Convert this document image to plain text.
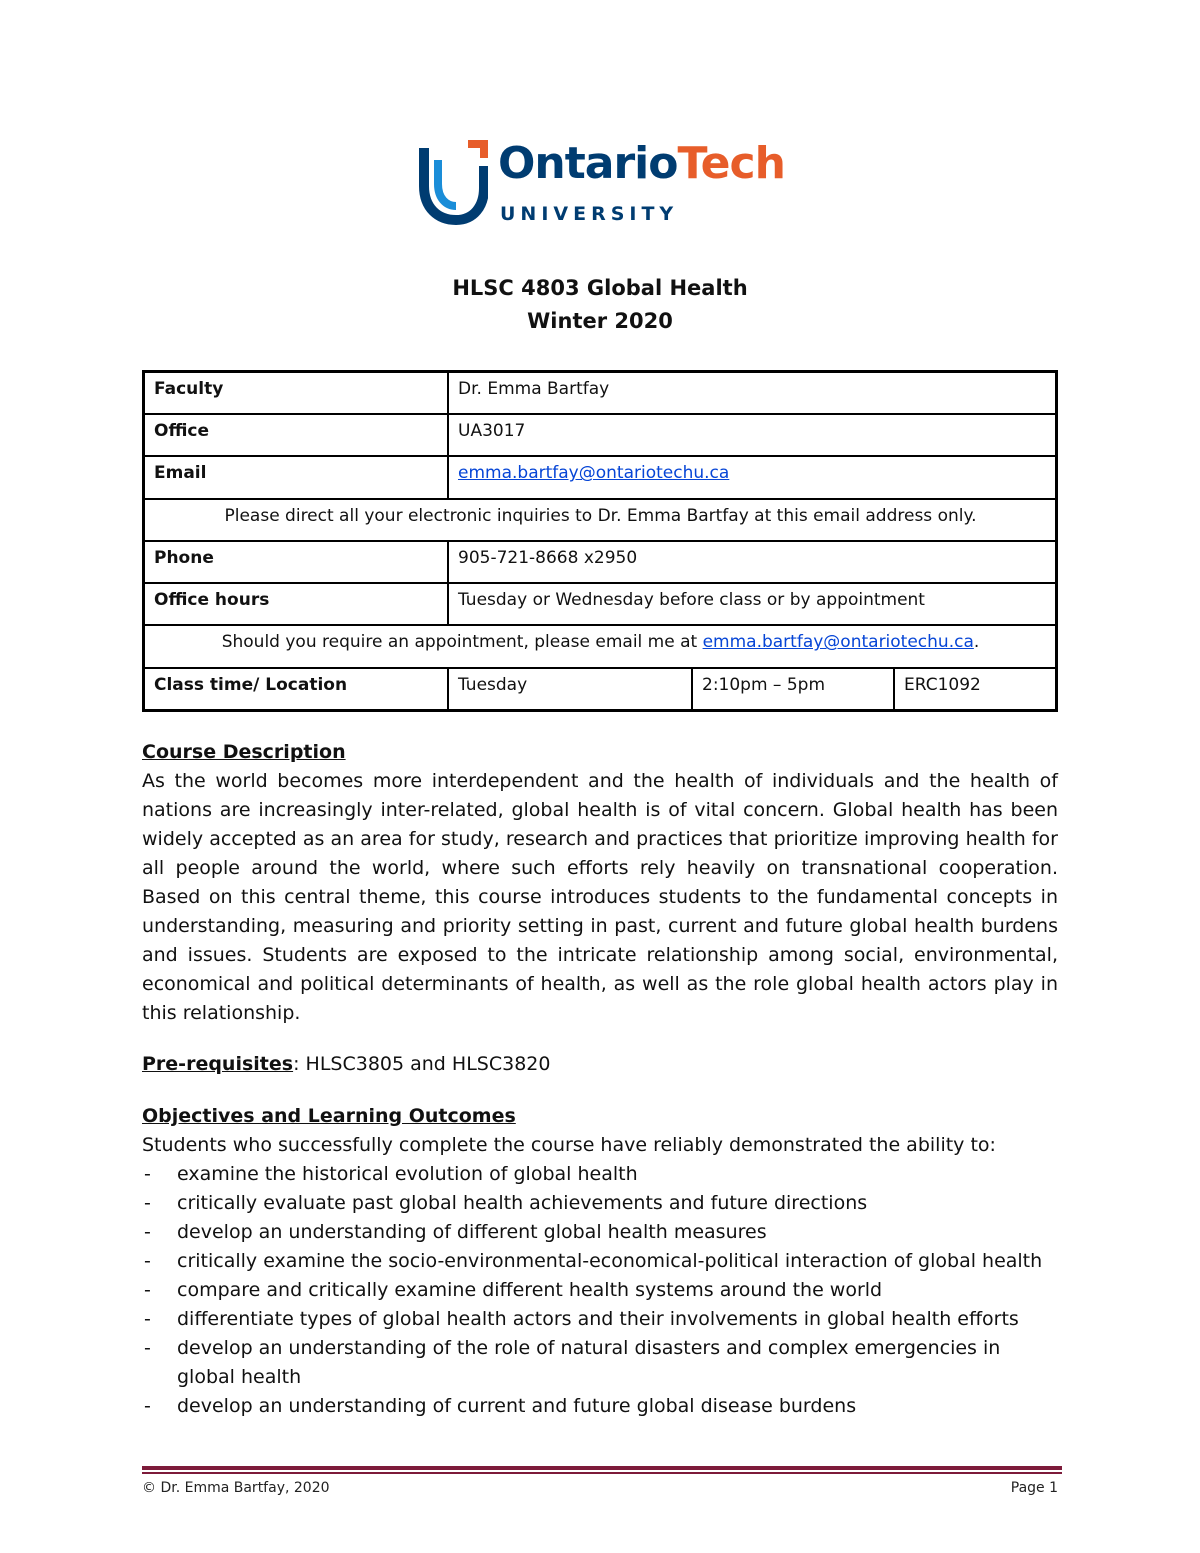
OntarioTech
UNIVERSITY
HLSC 4803 Global Health
Winter 2020
Faculty	Dr. Emma Bartfay		
Office	UA3017		
Email	emma.bartfay@ontariotechu.ca		
Please direct all your electronic inquiries to Dr. Emma Bartfay at this email address only.			
Phone	905-721-8668 x2950		
Office hours	Tuesday or Wednesday before class or by appointment		
Should you require an appointment, please email me at emma.bartfay@ontariotechu.ca.			
Class time/ Location	Tuesday	2:10pm – 5pm	ERC1092
Course Description
As the world becomes more interdependent and the health of individuals and the health of nations are increasingly inter-related, global health is of vital concern. Global health has been widely accepted as an area for study, research and practices that prioritize improving health for all people around the world, where such efforts rely heavily on transnational cooperation. Based on this central theme, this course introduces students to the fundamental concepts in understanding, measuring and priority setting in past, current and future global health burdens and issues. Students are exposed to the intricate relationship among social, environmental, economical and political determinants of health, as well as the role global health actors play in this relationship.
Pre-requisites: HLSC3805 and HLSC3820
Objectives and Learning Outcomes
Students who successfully complete the course have reliably demonstrated the ability to:
- examine the historical evolution of global health
- critically evaluate past global health achievements and future directions
- develop an understanding of different global health measures
- critically examine the socio-environmental-economical-political interaction of global health
- compare and critically examine different health systems around the world
- differentiate types of global health actors and their involvements in global health efforts
- develop an understanding of the role of natural disasters and complex emergencies in global health
- develop an understanding of current and future global disease burdens
© Dr. Emma Bartfay, 2020	Page 1
